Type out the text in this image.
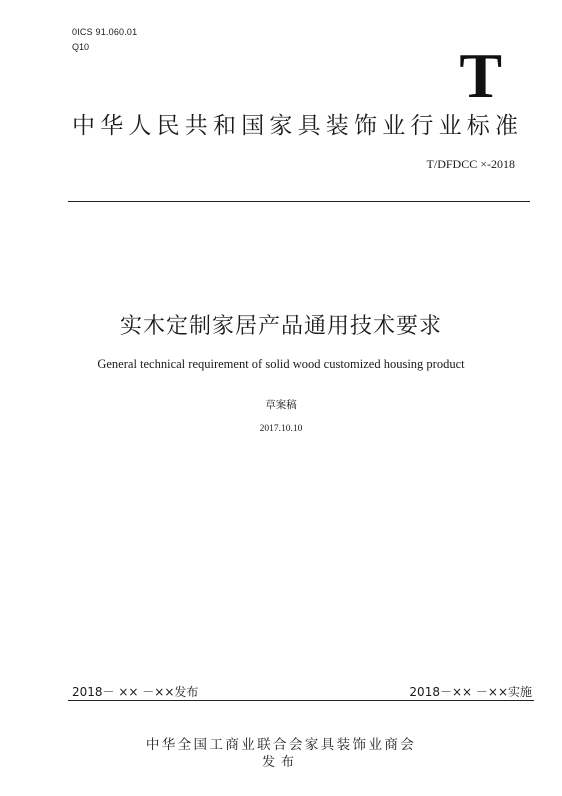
0ICS 91.060.01
Q10	T
中华人民共和国家具装饰业行业标准
T/DFDCC ×-2018
实木定制家居产品通用技术要求
General technical requirement of solid wood customized housing product
草案稿
2017.10.10
2018－ ×× －××发布	2018－×× －××实施
中华全国工商业联合会家具装饰业商会
发布
